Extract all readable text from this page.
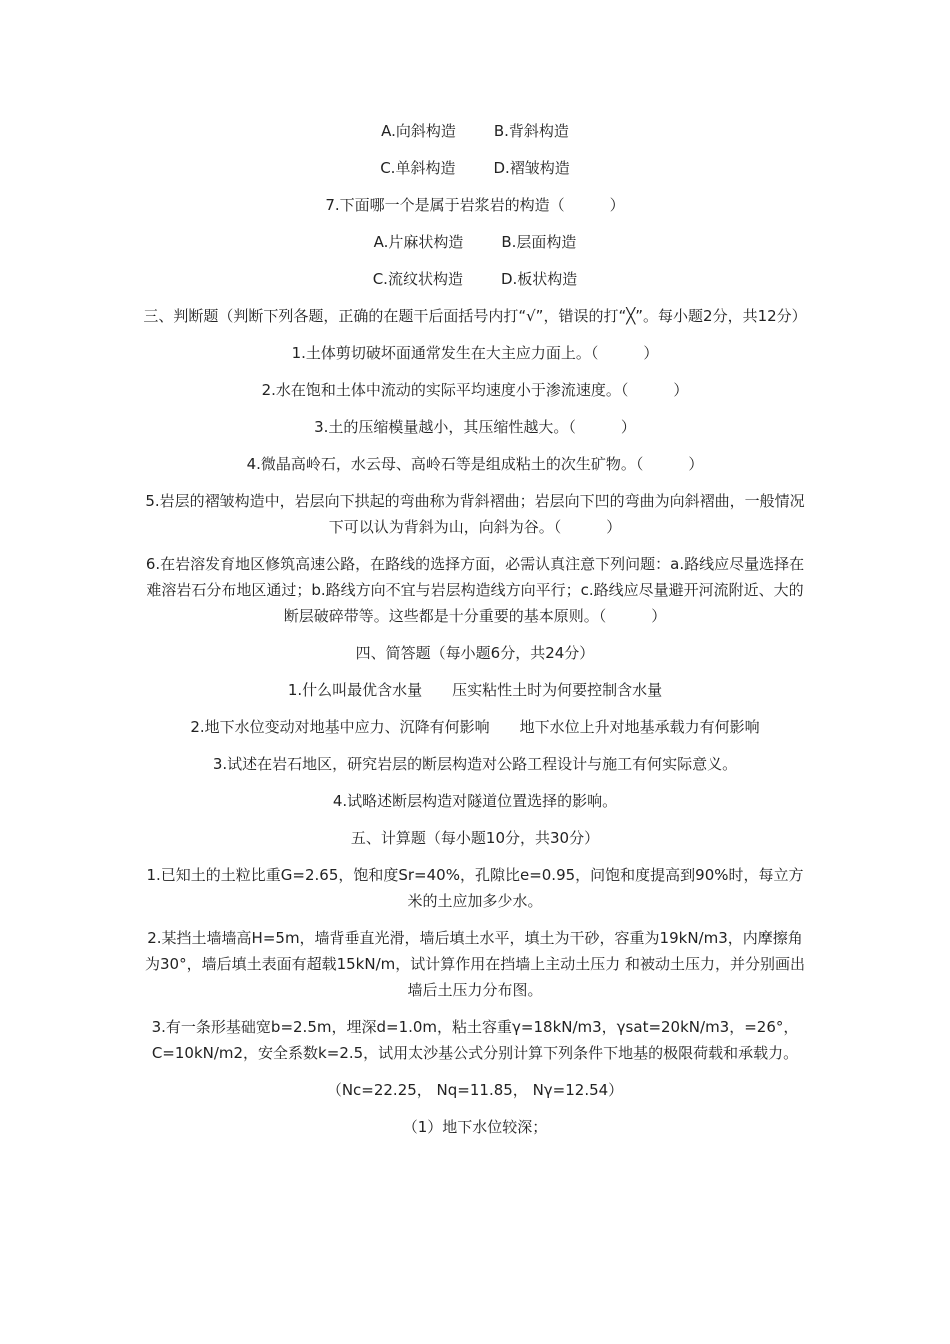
A.向斜构造	B.背斜构造
C.单斜构造	D.褶皱构造

7.下面哪一个是属于岩浆岩的构造（　　　）

A.片麻状构造	B.层面构造
C.流纹状构造	D.板状构造

三、判断题（判断下列各题，正确的在题干后面括号内打“√”，错误的打“╳”。每小题2分，共12分）

1.土体剪切破坏面通常发生在大主应力面上。（　　　）

2.水在饱和土体中流动的实际平均速度小于渗流速度。（　　　）

3.土的压缩模量越小，其压缩性越大。（　　　）

4.微晶高岭石，水云母、高岭石等是组成粘土的次生矿物。（　　　）

5.岩层的褶皱构造中，岩层向下拱起的弯曲称为背斜褶曲；岩层向下凹的弯曲为向斜褶曲，一般情况下可以认为背斜为山，向斜为谷。（　　　）

6.在岩溶发育地区修筑高速公路，在路线的选择方面，必需认真注意下列问题：a.路线应尽量选择在难溶岩石分布地区通过；b.路线方向不宜与岩层构造线方向平行；c.路线应尽量避开河流附近、大的断层破碎带等。这些都是十分重要的基本原则。（　　　）

四、简答题（每小题6分，共24分）

1.什么叫最优含水量　　压实粘性土时为何要控制含水量

2.地下水位变动对地基中应力、沉降有何影响　　地下水位上升对地基承载力有何影响

3.试述在岩石地区，研究岩层的断层构造对公路工程设计与施工有何实际意义。

4.试略述断层构造对隧道位置选择的影响。

五、计算题（每小题10分，共30分）

1.已知土的土粒比重G=2.65，饱和度Sr=40%，孔隙比e=0.95，问饱和度提高到90%时，每立方米的土应加多少水。

2.某挡土墙墙高H=5m，墙背垂直光滑，墙后填土水平，填土为干砂，容重为19kN/m3，内摩擦角为30°，墙后填土表面有超载15kN/m，试计算作用在挡墙上主动土压力 和被动土压力，并分别画出墙后土压力分布图。

3.有一条形基础宽b=2.5m，埋深d=1.0m，粘土容重γ=18kN/m3，γsat=20kN/m3，=26°，C=10kN/m2，安全系数k=2.5，试用太沙基公式分别计算下列条件下地基的极限荷载和承载力。

（Nc=22.25， Nq=11.85， Nγ=12.54）

（1）地下水位较深；
